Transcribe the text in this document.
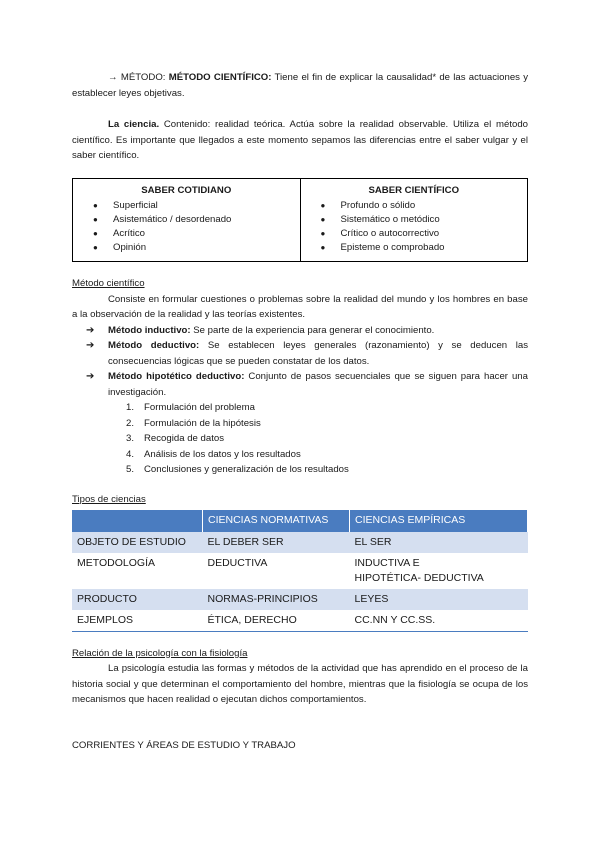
→ MÉTODO: MÉTODO CIENTÍFICO: Tiene el fin de explicar la causalidad* de las actuaciones y establecer leyes objetivas.

La ciencia. Contenido: realidad teórica. Actúa sobre la realidad observable. Utiliza el método científico. Es importante que llegados a este momento sepamos las diferencias entre el saber vulgar y el saber científico.

SABER COTIDIANO
● Superficial
● Asistemático / desordenado
● Acrítico
● Opinión

SABER CIENTÍFICO
● Profundo o sólido
● Sistemático o metódico
● Crítico o autocorrectivo
● Episteme o comprobado
Método científico

Consiste en formular cuestiones o problemas sobre la realidad del mundo y los hombres en base a la observación de la realidad y las teorías existentes.

➔ Método inductivo: Se parte de la experiencia para generar el conocimiento.
➔ Método deductivo: Se establecen leyes generales (razonamiento) y se deducen las consecuencias lógicas que se pueden constatar de los datos.
➔ Método hipotético deductivo: Conjunto de pasos secuenciales que se siguen para hacer una investigación.
1. Formulación del problema
2. Formulación de la hipótesis
3. Recogida de datos
4. Análisis de los datos y los resultados
5. Conclusiones y generalización de los resultados
Tipos de ciencias
	CIENCIAS NORMATIVAS	CIENCIAS EMPÍRICAS
OBJETO DE ESTUDIO	EL DEBER SER	EL SER
METODOLOGÍA	DEDUCTIVA	INDUCTIVA E HIPOTÉTICA- DEDUCTIVA
PRODUCTO	NORMAS-PRINCIPIOS	LEYES
EJEMPLOS	ÉTICA, DERECHO	CC.NN Y CC.SS.
Relación de la psicología con la fisiología

La psicología estudia las formas y métodos de la actividad que has aprendido en el proceso de la historia social y que determinan el comportamiento del hombre, mientras que la fisiología se ocupa de los mecanismos que hacen realidad o ejecutan dichos comportamientos.

CORRIENTES Y ÁREAS DE ESTUDIO Y TRABAJO
